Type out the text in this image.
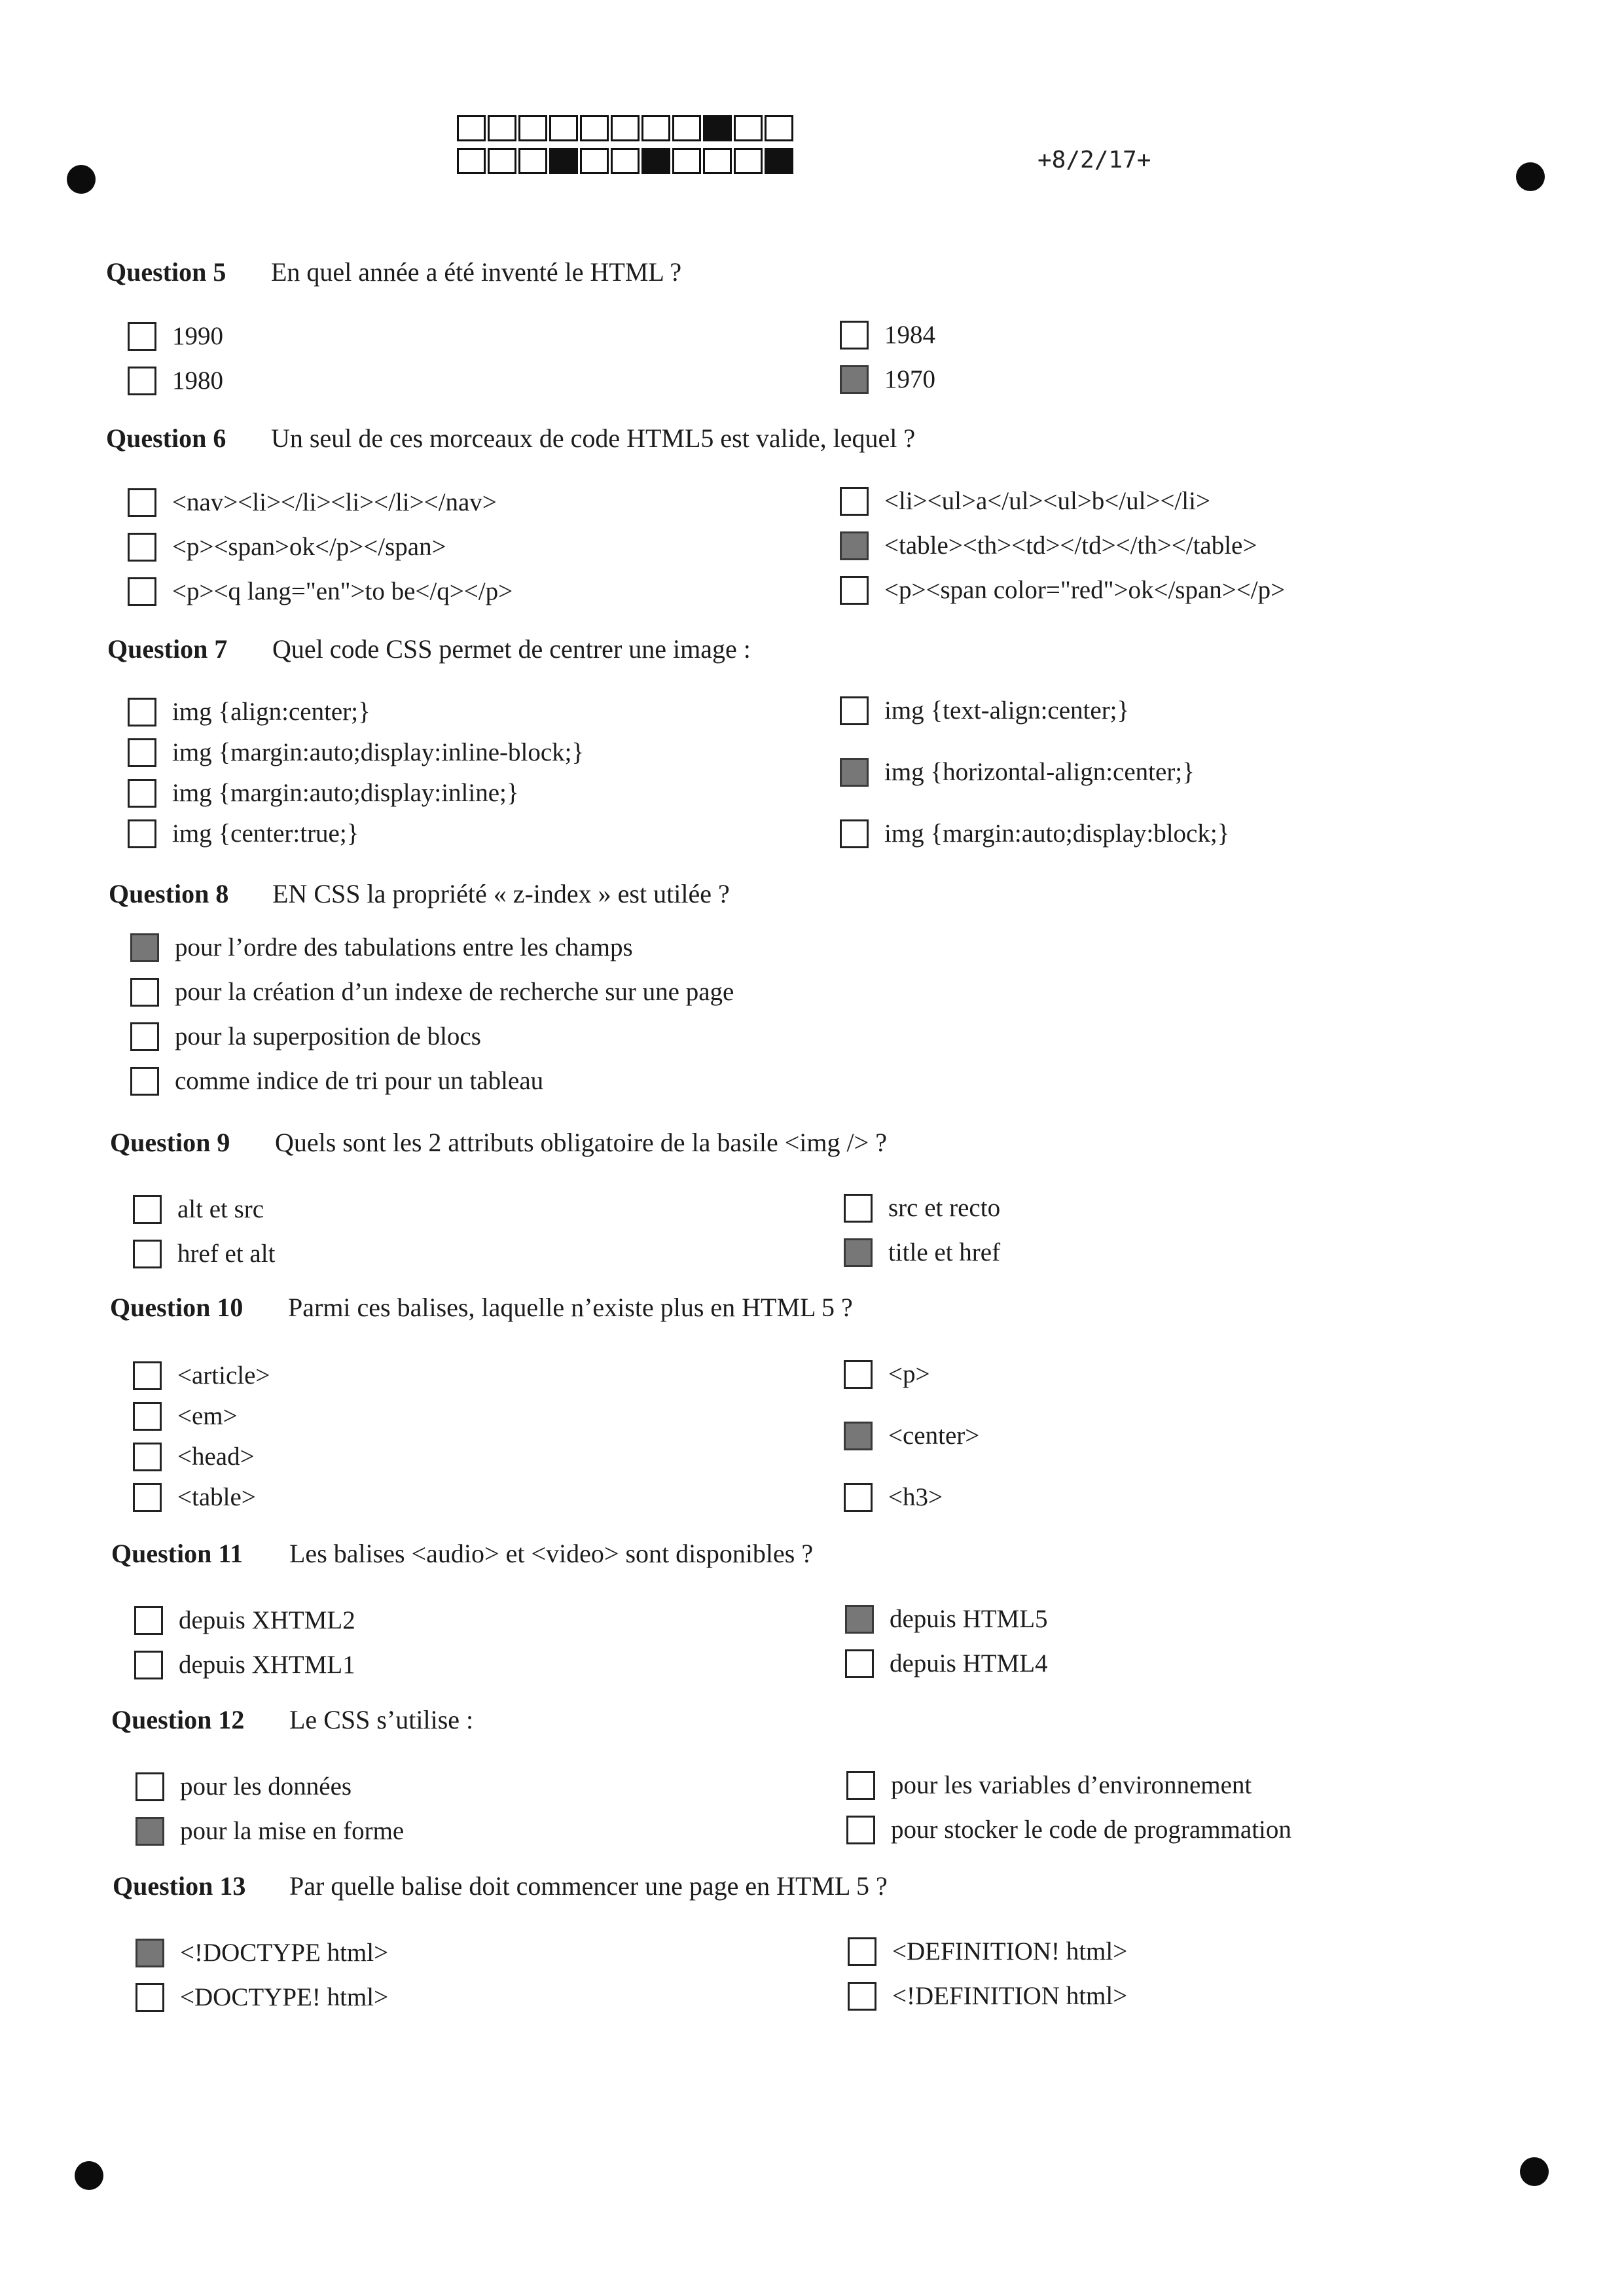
+8/2/17+
Question 5 En quel année a été inventé le HTML ?
1990
1980
1984
1970
Question 6 Un seul de ces morceaux de code HTML5 est valide, lequel ?
<nav><li></li><li></li></nav>
<p><span>ok</p></span>
<p><q lang="en">to be</q></p>
<li><ul>a</ul><ul>b</ul></li>
<table><th><td></td></th></table>
<p><span color="red">ok</span></p>
Question 7 Quel code CSS permet de centrer une image :
img {align:center;}
img {margin:auto;display:inline-block;}
img {margin:auto;display:inline;}
img {center:true;}
img {text-align:center;}
img {horizontal-align:center;}
img {margin:auto;display:block;}
Question 8 EN CSS la propriété « z-index » est utilée ?
pour l’ordre des tabulations entre les champs
pour la création d’un indexe de recherche sur une page
pour la superposition de blocs
comme indice de tri pour un tableau
Question 9 Quels sont les 2 attributs obligatoire de la basile <img /> ?
alt et src
href et alt
src et recto
title et href
Question 10 Parmi ces balises, laquelle n’existe plus en HTML 5 ?
<article>
<em>
<head>
<table>
<p>
<center>
<h3>
Question 11 Les balises <audio> et <video> sont disponibles ?
depuis XHTML2
depuis XHTML1
depuis HTML5
depuis HTML4
Question 12 Le CSS s’utilise :
pour les données
pour la mise en forme
pour les variables d’environnement
pour stocker le code de programmation
Question 13 Par quelle balise doit commencer une page en HTML 5 ?
<!DOCTYPE html>
<DOCTYPE! html>
<DEFINITION! html>
<!DEFINITION html>
